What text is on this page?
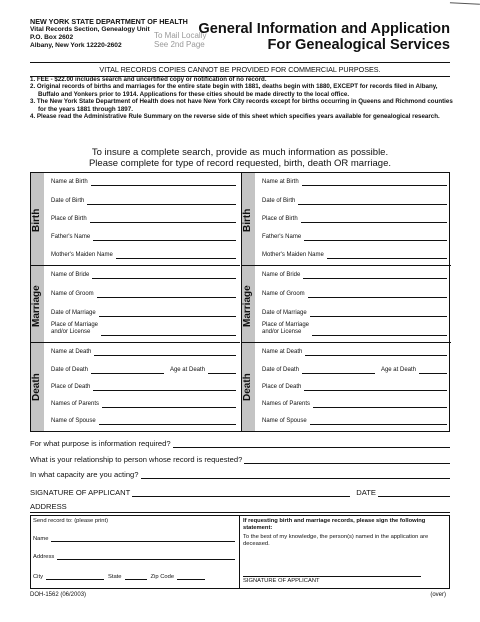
NEW YORK STATE DEPARTMENT OF HEALTH
Vital Records Section, Genealogy Unit
P.O. Box 2602
Albany, New York 12220-2602
To Mail Locally
See 2nd Page
General Information and Application
For Genealogical Services
VITAL RECORDS COPIES CANNOT BE PROVIDED FOR COMMERCIAL PURPOSES.
1. FEE - $22.00 includes search and uncertified copy or notification of no record.
2. Original records of births and marriages for the entire state begin with 1881, deaths begin with 1880, EXCEPT for records filed in Albany, Buffalo and Yonkers prior to 1914. Applications for these cities should be made directly to the local office.
3. The New York State Department of Health does not have New York City records except for births occurring in Queens and Richmond counties for the years 1881 through 1897.
4. Please read the Administrative Rule Summary on the reverse side of this sheet which specifies years available for genealogical research.
To insure a complete search, provide as much information as possible.
Please complete for type of record requested, birth, death OR marriage.
Birth
Name at Birth
Date of Birth
Place of Birth
Father's Name
Mother's Maiden Name
Marriage
Name of Bride
Name of Groom
Date of Marriage
Place of Marriage
and/or License
Death
Name at Death
Date of Death	Age at Death
Place of Death
Names of Parents
Name of Spouse
Birth
Name at Birth
Date of Birth
Place of Birth
Father's Name
Mother's Maiden Name
Marriage
Name of Bride
Name of Groom
Date of Marriage
Place of Marriage
and/or License
Death
Name at Death
Date of Death	Age at Death
Place of Death
Names of Parents
Name of Spouse
For what purpose is information required?
What is your relationship to person whose record is requested?
In what capacity are you acting?
SIGNATURE OF APPLICANT	DATE
ADDRESS
Send record to: (please print)
Name
Address
City	State	Zip Code
If requesting birth and marriage records, please sign the following statement:
To the best of my knowledge, the person(s) named in the application are deceased.
SIGNATURE OF APPLICANT
DOH-1562 (06/2003)	(over)
